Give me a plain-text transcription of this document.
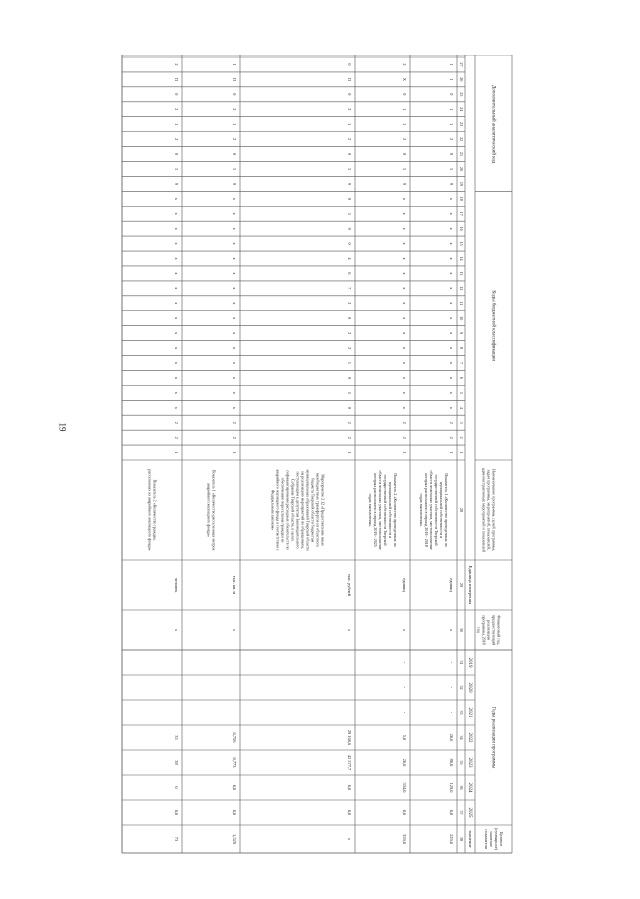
19
Коды бюджетной классификации
Дополнительный аналитический код
Годы реализации программы
Целевое
(суммарное)
значение
показателя
Наименование программы, целей программы,
задач программы, мероприятий, показателей,
административных мероприятий и показателей
Единица измерения
Финансовый год,
предшествующий
реализации
программы, 2018
год
2019
2020
2021
2022
2023
2024
2025
значение
1
2
3
4
5
6
7
8
9
10
11
12
13
14
15
16
17
18
19
20
21
22
23
24
25
26
27
28
29
30
31
32
33
34
35
36
37
38
1
2
2
х
х
х
х
х
х
х
х
х
х
х
х
х
х
х
9
3
0
2
1
1
0
1
1
Показатель 1 «Количество проведенных по
муниципальной собственности и
государственной собственности Тверской
области земельных участков, местоположение
которых расположено в период 2019 - 2018
годах выполнения»
единиц
х
-
-
-
20,0
80,0
129,0
0,0
229,0
1
2
2
х
х
х
х
х
х
х
х
х
х
х
х
х
х
х
9
3
0
2
1
1
0
Х
2
Показатель 2 «Количество проведенных по
муниципальной собственности и
государственной собственности Тверской
области земельных участков, местоположение
которых расположено в период 2019 - 2025
годах выполнения»
единиц
х
-
-
-
5,0
20,0
334,0
0,0
359,0
1
2
2
0
5
0
1
2
2
0
2
7
6
4
0
9
3
0
9
3
0
2
1
2
0
П
0
Мероприятие 2.12 «Предоставление иных
межбюджетных трансфертов из областного
бюджета Тверской области бюджетам
муниципальных образований Тверской области
на реализацию мероприятий по обращениям,
поступающим к депутатам Законодательного
Собрания Тверской области, в целях
софинансирования расходных обязательств по
обеспечению переселения граждан из
аварийного жилищного фонда в соответствии с
Федеральным законом»
тыс. рублей
х
29 166,6
42 577,7
0,0
0,0
х
1
2
2
х
х
х
х
х
х
х
х
х
х
х
х
х
х
х
9
3
0
2
1
2
0
П
1
Показатель 1 «Количество расселенных метров
аварийного жилищного фонда»
тыс. кв. м
х
0,756
0,773
0,0
0,0
1,529
1
2
2
х
х
х
х
х
х
х
х
х
х
х
х
х
х
х
9
3
0
2
1
2
0
П
2
Показатель 2 «Количество граждан,
расселенных из аварийного жилищного фонда»
человек
х
35
38
0
0,0
73
